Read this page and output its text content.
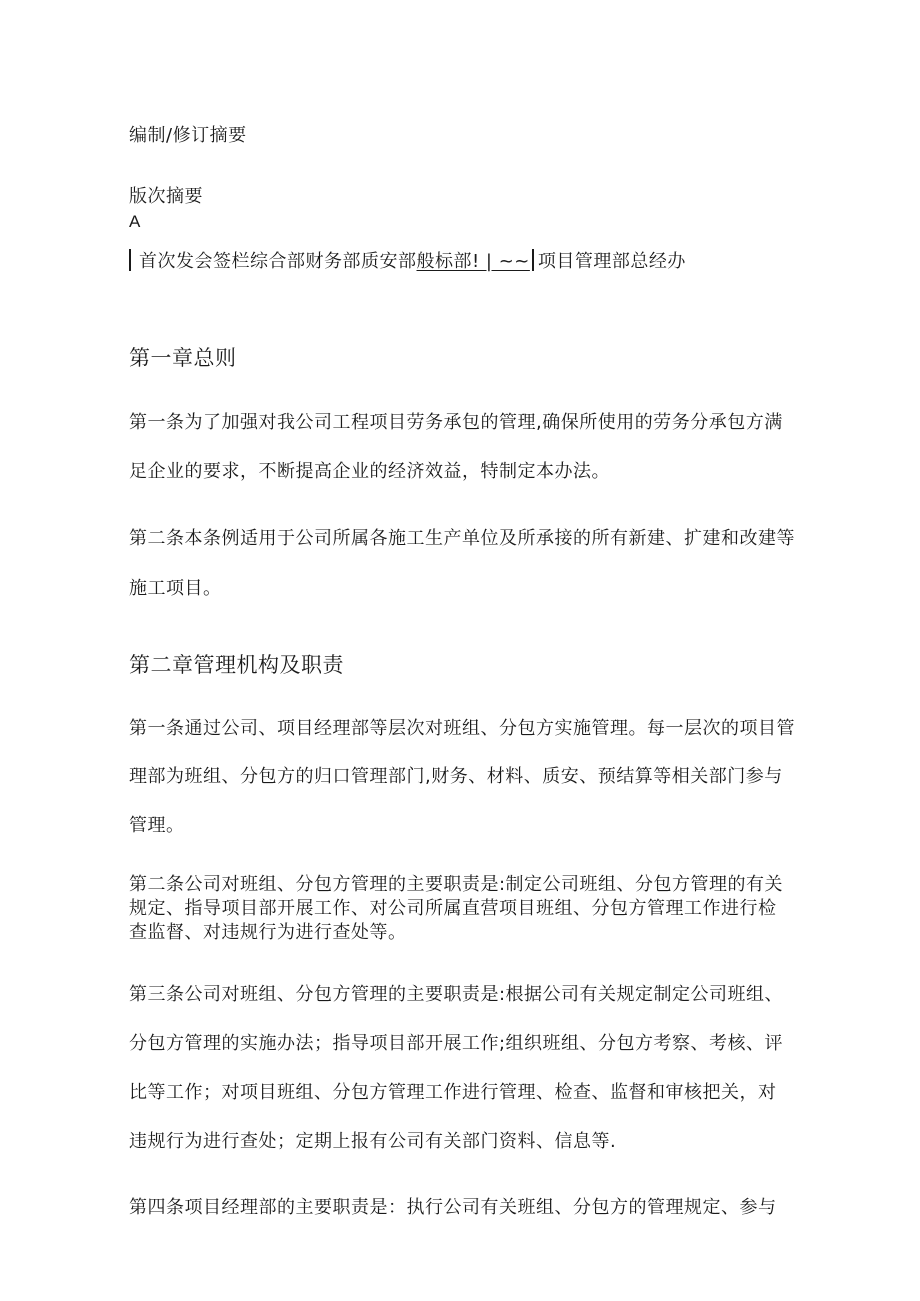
编制/修订摘要
版次摘要
A
首次发会签栏综合部财务部质安部 般标部! | ~~ 项目管理部总经办
第一章总则
第一条为了加强对我公司工程项目劳务承包的管理,确保所使用的劳务分承包方满
足企业的要求，不断提高企业的经济效益，特制定本办法。
第二条本条例适用于公司所属各施工生产单位及所承接的所有新建、扩建和改建等
施工项目。
第二章管理机构及职责
第一条通过公司、项目经理部等层次对班组、分包方实施管理。每一层次的项目管
理部为班组、分包方的归口管理部门,财务、材料、质安、预结算等相关部门参与
管理。
第二条公司对班组、分包方管理的主要职责是:制定公司班组、分包方管理的有关
规定、指导项目部开展工作、对公司所属直营项目班组、分包方管理工作进行检
查监督、对违规行为进行查处等。
第三条公司对班组、分包方管理的主要职责是:根据公司有关规定制定公司班组、
分包方管理的实施办法；指导项目部开展工作;组织班组、分包方考察、考核、评
比等工作；对项目班组、分包方管理工作进行管理、检查、监督和审核把关，对
违规行为进行查处；定期上报有公司有关部门资料、信息等.
第四条项目经理部的主要职责是：执行公司有关班组、分包方的管理规定、参与
